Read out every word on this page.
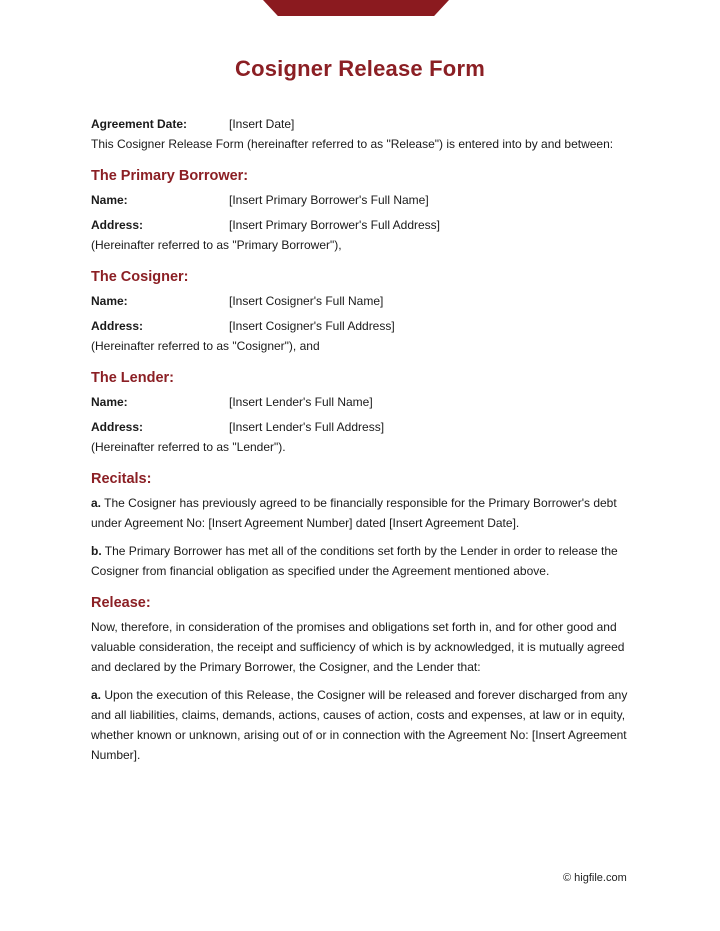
Cosigner Release Form
Agreement Date:	[Insert Date]

This Cosigner Release Form (hereinafter referred to as "Release") is entered into by and between:

The Primary Borrower:
Name:	[Insert Primary Borrower's Full Name]
Address:	[Insert Primary Borrower's Full Address]

(Hereinafter referred to as "Primary Borrower"),

The Cosigner:
Name:	[Insert Cosigner's Full Name]
Address:	[Insert Cosigner's Full Address]

(Hereinafter referred to as "Cosigner"), and

The Lender:
Name:	[Insert Lender's Full Name]
Address:	[Insert Lender's Full Address]

(Hereinafter referred to as "Lender").

Recitals:

a. The Cosigner has previously agreed to be financially responsible for the Primary Borrower's debt under Agreement No: [Insert Agreement Number] dated [Insert Agreement Date].

b. The Primary Borrower has met all of the conditions set forth by the Lender in order to release the Cosigner from financial obligation as specified under the Agreement mentioned above.

Release:

Now, therefore, in consideration of the promises and obligations set forth in, and for other good and valuable consideration, the receipt and sufficiency of which is by acknowledged, it is mutually agreed and declared by the Primary Borrower, the Cosigner, and the Lender that:

a. Upon the execution of this Release, the Cosigner will be released and forever discharged from any and all liabilities, claims, demands, actions, causes of action, costs and expenses, at law or in equity, whether known or unknown, arising out of or in connection with the Agreement No: [Insert Agreement Number].

© higfile.com
